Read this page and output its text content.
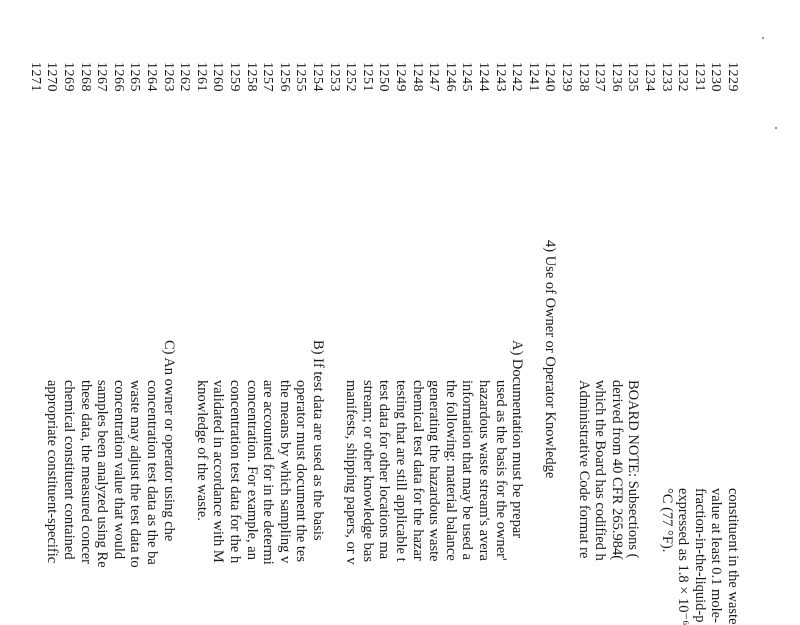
1229
constituent in the waste
1230
value at least 0.1 mole-
1231
fraction-in-the-liquid-p
1232
expressed as 1.8 × 10⁻⁶
1233
°C (77 °F).
1234
1235
BOARD NOTE: Subsections (
1236
derived from 40 CFR 265.984(
1237
which the Board has codified h
1238
Administrative Code format re
1239
1240
4) Use of Owner or Operator Knowledge
1241
1242
A) Documentation must be prepar
1243
used as the basis for the owner'
1244
hazardous waste stream's avera
1245
information that may be used a
1246
the following: material balance
1247
generating the hazardous waste
1248
chemical test data for the hazar
1249
testing that are still applicable t
1250
test data for other locations ma
1251
stream; or other knowledge bas
1252
manifests, shipping papers, or v
1253
1254
B) If test data are used as the basis
1255
operator must document the tes
1256
the means by which sampling v
1257
are accounted for in the determi
1258
concentration. For example, an
1259
concentration test data for the h
1260
validated in accordance with M
1261
knowledge of the waste.
1262
1263
C) An owner or operator using che
1264
concentration test data as the ba
1265
waste may adjust the test data to
1266
concentration value that would
1267
samples been analyzed using Re
1268
these data, the measured concer
1269
chemical constituent contained
1270
appropriate constituent-specific
1271
